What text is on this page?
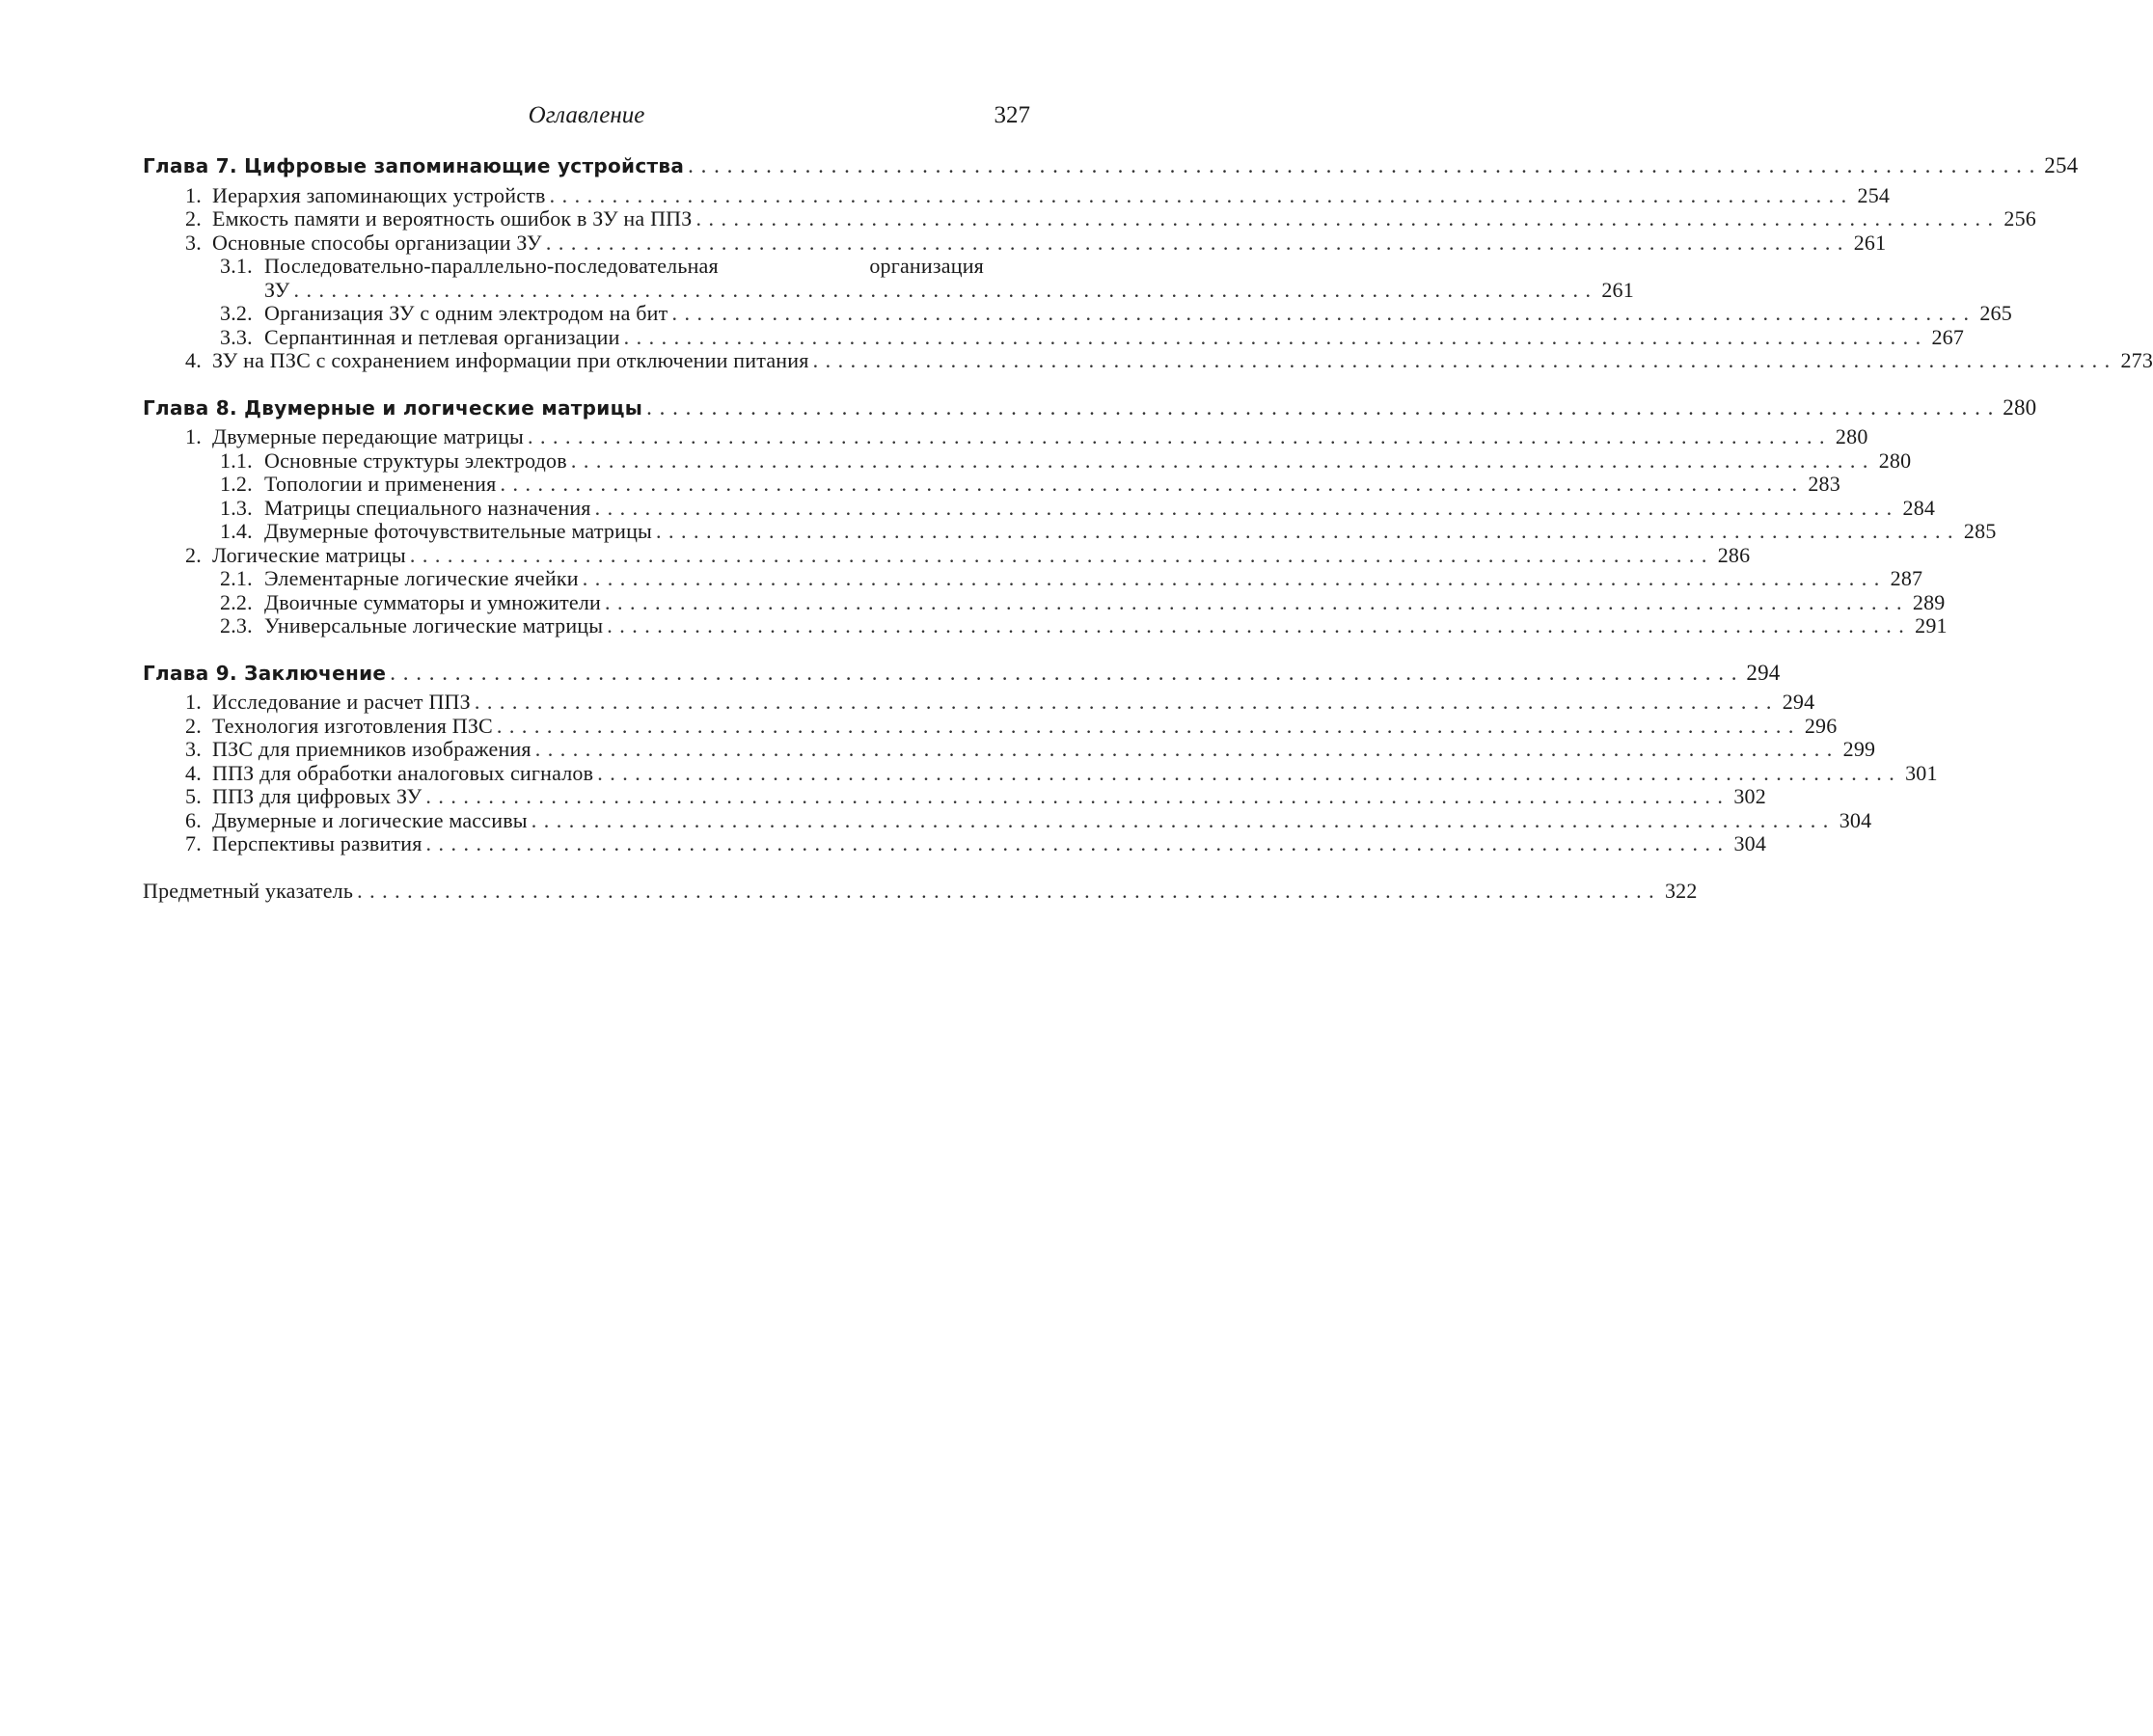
Оглавление	327
Глава 7. Цифровые запоминающие устройства . . .	254
1. Иерархия запоминающих устройств . . .	254
2. Емкость памяти и вероятность ошибок в ЗУ на ППЗ . . .	256
3. Основные способы организации ЗУ . . .	261
3.1. Последовательно-параллельно-последовательная	организация
ЗУ . . .	261
3.2. Организация ЗУ с одним электродом на бит . . .	265
3.3. Серпантинная и петлевая организации . . .	267
4. ЗУ на ПЗС с сохранением информации при отключении питания . . .	273
Глава 8. Двумерные и логические матрицы . . .	280
1. Двумерные передающие матрицы . . .	280
1.1. Основные структуры электродов . . .	280
1.2. Топологии и применения . . .	283
1.3. Матрицы специального назначения . . .	284
1.4. Двумерные фоточувствительные матрицы . . .	285
2. Логические матрицы . . .	286
2.1. Элементарные логические ячейки . . .	287
2.2. Двоичные сумматоры и умножители . . .	289
2.3. Универсальные логические матрицы . . .	291
Глава 9. Заключение . . .	294
1. Исследование и расчет ППЗ . . .	294
2. Технология изготовления ПЗС . . .	296
3. ПЗС для приемников изображения . . .	299
4. ППЗ для обработки аналоговых сигналов . . .	301
5. ППЗ для цифровых ЗУ . . .	302
6. Двумерные и логические массивы . . .	304
7. Перспективы развития . . .	304
Предметный указатель . . .	322
